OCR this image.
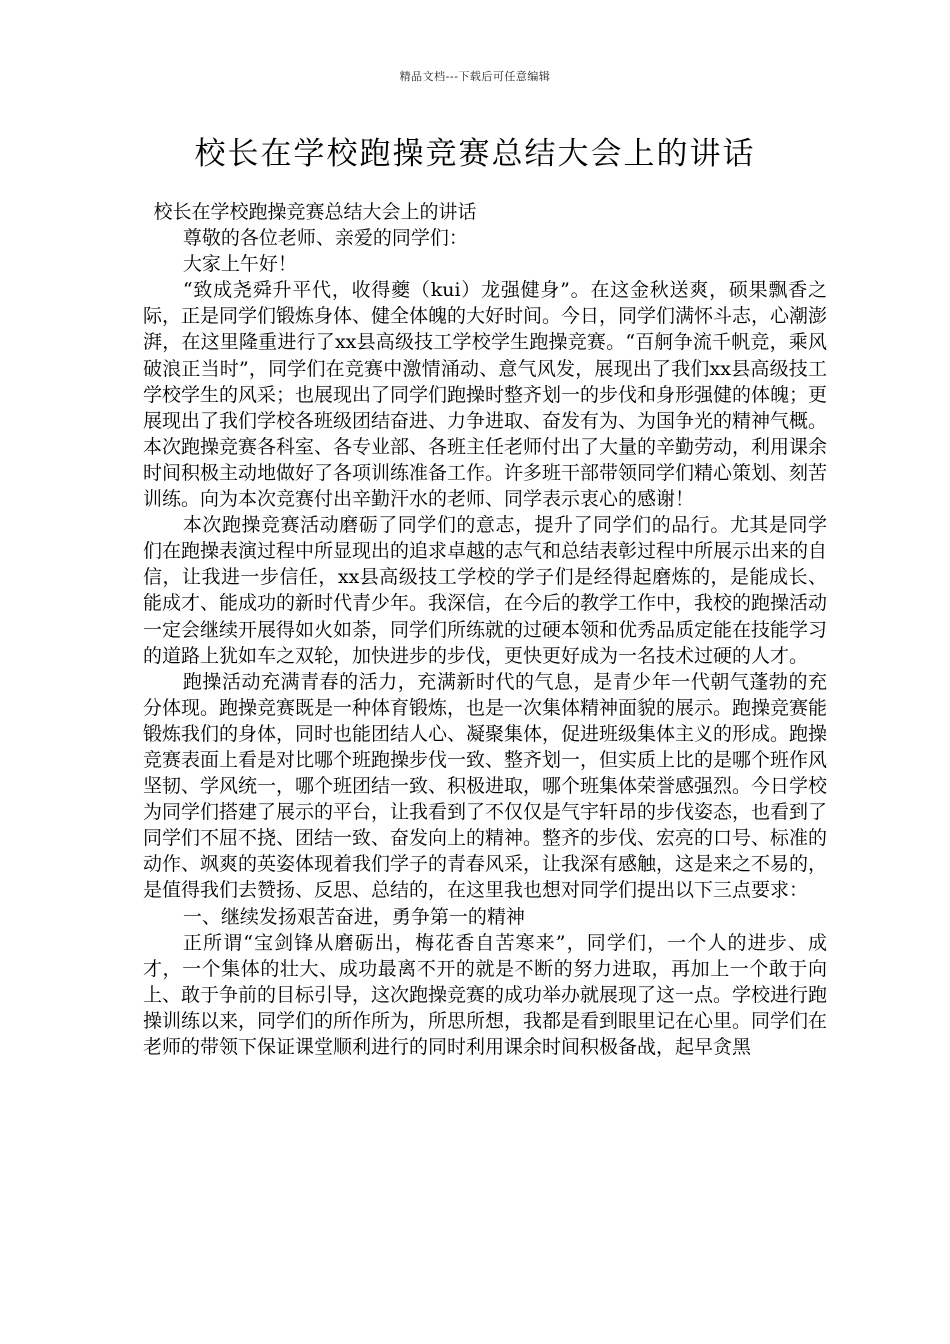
精品文档---下载后可任意编辑
校长在学校跑操竞赛总结大会上的讲话

校长在学校跑操竞赛总结大会上的讲话

尊敬的各位老师、亲爱的同学们：

大家上午好！

“致成尧舜升平代，收得夔（kui）龙强健身”。在这金秋送爽，硕果飘香之际，正是同学们锻炼身体、健全体魄的大好时间。今日，同学们满怀斗志，心潮澎湃，在这里隆重进行了xx县高级技工学校学生跑操竞赛。“百舸争流千帆竞，乘风破浪正当时”，同学们在竞赛中激情涌动、意气风发，展现出了我们xx县高级技工学校学生的风采；也展现出了同学们跑操时整齐划一的步伐和身形强健的体魄；更展现出了我们学校各班级团结奋进、力争进取、奋发有为、为国争光的精神气概。本次跑操竞赛各科室、各专业部、各班主任老师付出了大量的辛勤劳动，利用课余时间积极主动地做好了各项训练准备工作。许多班干部带领同学们精心策划、刻苦训练。向为本次竞赛付出辛勤汗水的老师、同学表示衷心的感谢！

本次跑操竞赛活动磨砺了同学们的意志，提升了同学们的品行。尤其是同学们在跑操表演过程中所显现出的追求卓越的志气和总结表彰过程中所展示出来的自信，让我进一步信任，xx县高级技工学校的学子们是经得起磨炼的，是能成长、能成才、能成功的新时代青少年。我深信，在今后的教学工作中，我校的跑操活动一定会继续开展得如火如荼，同学们所练就的过硬本领和优秀品质定能在技能学习的道路上犹如车之双轮，加快进步的步伐，更快更好成为一名技术过硬的人才。

跑操活动充满青春的活力，充满新时代的气息，是青少年一代朝气蓬勃的充分体现。跑操竞赛既是一种体育锻炼，也是一次集体精神面貌的展示。跑操竞赛能锻炼我们的身体，同时也能团结人心、凝聚集体，促进班级集体主义的形成。跑操竞赛表面上看是对比哪个班跑操步伐一致、整齐划一，但实质上比的是哪个班作风坚韧、学风统一，哪个班团结一致、积极进取，哪个班集体荣誉感强烈。今日学校为同学们搭建了展示的平台，让我看到了不仅仅是气宇轩昂的步伐姿态，也看到了同学们不屈不挠、团结一致、奋发向上的精神。整齐的步伐、宏亮的口号、标准的动作、飒爽的英姿体现着我们学子的青春风采，让我深有感触，这是来之不易的，是值得我们去赞扬、反思、总结的，在这里我也想对同学们提出以下三点要求：

一、继续发扬艰苦奋进，勇争第一的精神

正所谓“宝剑锋从磨砺出，梅花香自苦寒来”，同学们，一个人的进步、成才，一个集体的壮大、成功最离不开的就是不断的努力进取，再加上一个敢于向上、敢于争前的目标引导，这次跑操竞赛的成功举办就展现了这一点。学校进行跑操训练以来，同学们的所作所为，所思所想，我都是看到眼里记在心里。同学们在老师的带领下保证课堂顺利进行的同时利用课余时间积极备战，起早贪黑
